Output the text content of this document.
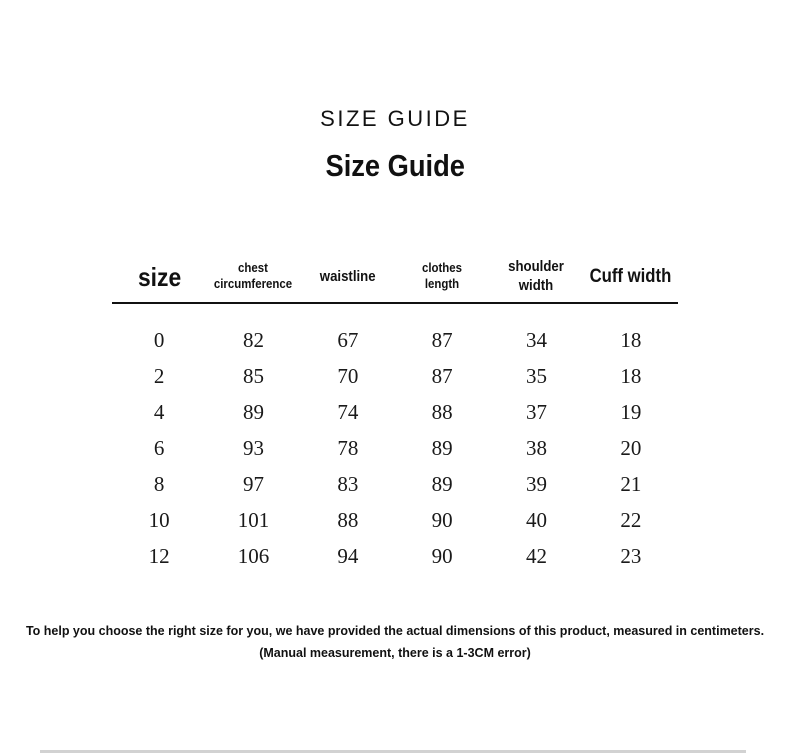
SIZE GUIDE
Size Guide
size	chest circumference	waistline	clothes length	shoulder width	Cuff width
0	82	67	87	34	18
2	85	70	87	35	18
4	89	74	88	37	19
6	93	78	89	38	20
8	97	83	89	39	21
10	101	88	90	40	22
12	106	94	90	42	23
To help you choose the right size for you, we have provided the actual dimensions of this product, measured in centimeters.
(Manual measurement, there is a 1-3CM error)
